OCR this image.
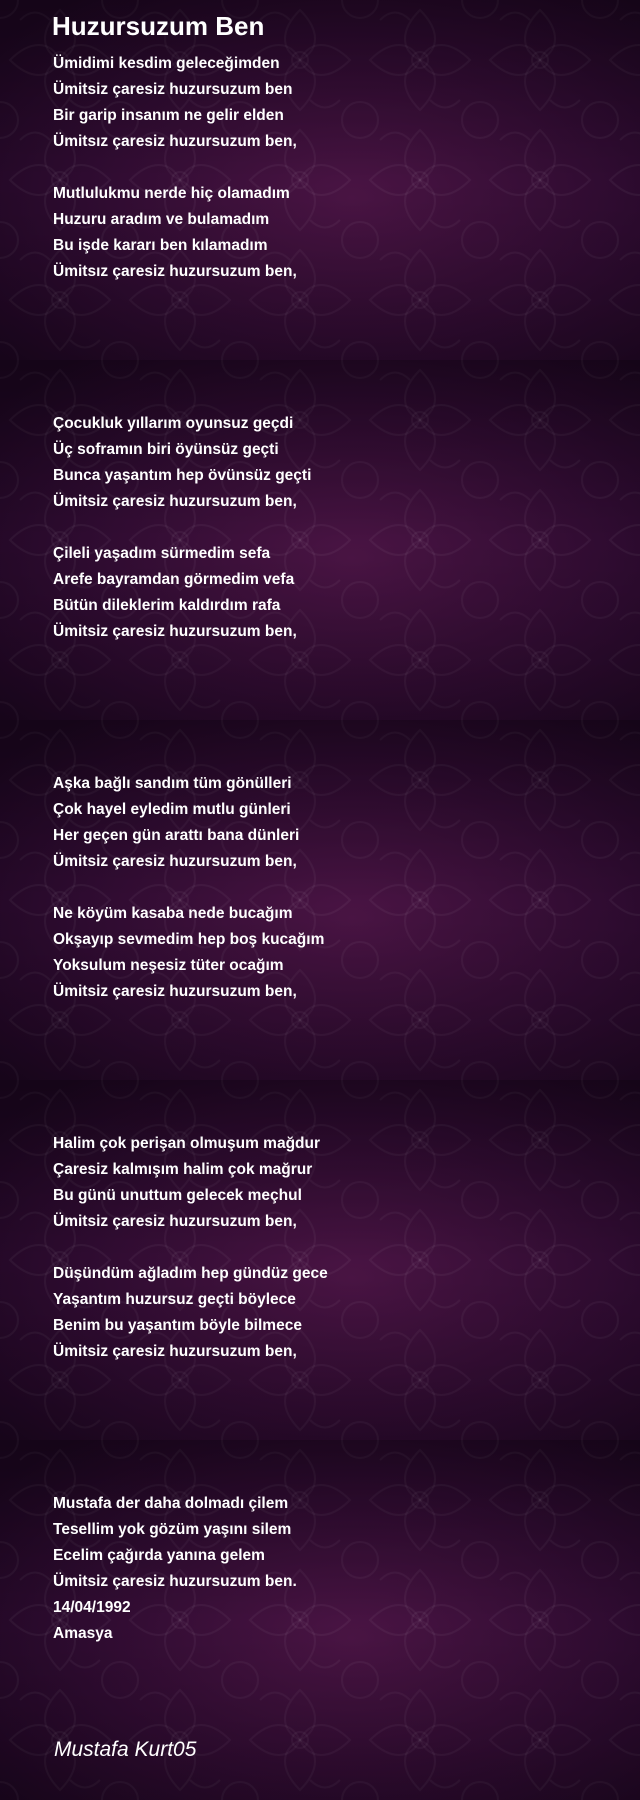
Huzursuzum Ben
Ümidimi kesdim geleceğimden
Ümitsiz çaresiz huzursuzum ben
Bir garip insanım ne gelir elden
Ümitsız çaresiz huzursuzum ben,
Mutlulukmu nerde hiç olamadım
Huzuru aradım ve bulamadım
Bu işde kararı ben kılamadım
Ümitsız çaresiz huzursuzum ben,
Çocukluk yıllarım oyunsuz geçdi
Üç soframın biri öyünsüz geçti
Bunca yaşantım hep övünsüz geçti
Ümitsiz çaresiz huzursuzum ben,
Çileli yaşadım sürmedim sefa
Arefe bayramdan görmedim vefa
Bütün dileklerim kaldırdım rafa
Ümitsiz çaresiz huzursuzum ben,
Aşka bağlı sandım tüm gönülleri
Çok hayel eyledim mutlu günleri
Her geçen gün arattı bana dünleri
Ümitsiz çaresiz huzursuzum ben,
Ne köyüm kasaba nede bucağım
Okşayıp sevmedim hep boş kucağım
Yoksulum neşesiz tüter ocağım
Ümitsiz çaresiz huzursuzum ben,
Halim çok perişan olmuşum mağdur
Çaresiz kalmışım halim çok mağrur
Bu günü unuttum gelecek meçhul
Ümitsiz çaresiz huzursuzum ben,
Düşündüm ağladım hep gündüz gece
Yaşantım huzursuz geçti böylece
Benim bu yaşantım böyle bilmece
Ümitsiz çaresiz huzursuzum ben,
Mustafa der daha dolmadı çilem
Tesellim yok gözüm yaşını silem
Ecelim çağırda yanına gelem
Ümitsiz çaresiz huzursuzum ben.
14/04/1992
Amasya
Mustafa Kurt05
